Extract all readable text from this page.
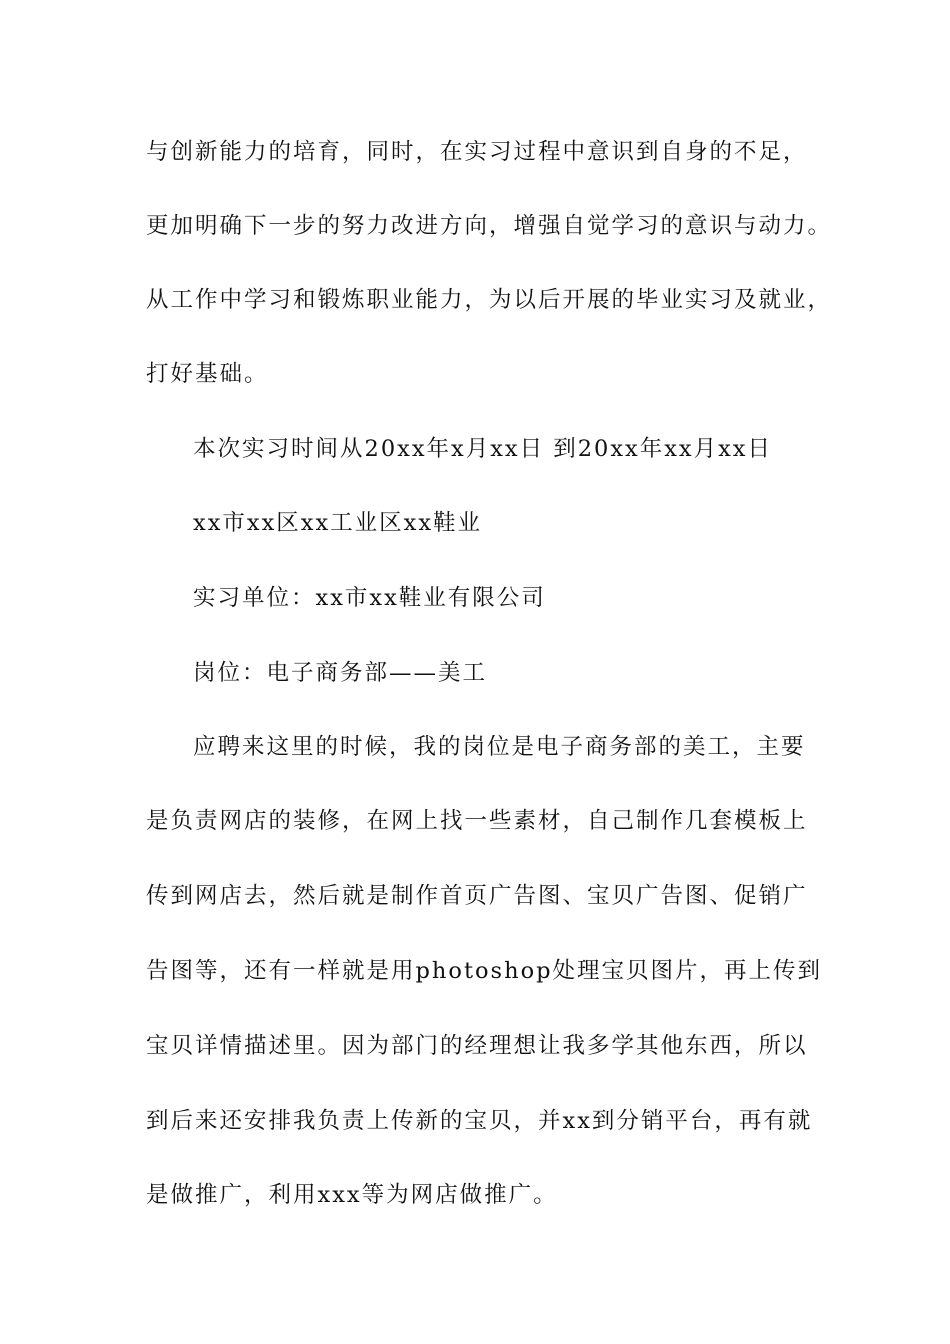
与创新能力的培育，同时，在实习过程中意识到自身的不足，
更加明确下一步的努力改进方向，增强自觉学习的意识与动力。
从工作中学习和锻炼职业能力，为以后开展的毕业实习及就业，
打好基础。
本次实习时间从20xx年x月xx日 到20xx年xx月xx日
xx市xx区xx工业区xx鞋业
实习单位：xx市xx鞋业有限公司
岗位：电子商务部——美工
应聘来这里的时候，我的岗位是电子商务部的美工，主要
是负责网店的装修，在网上找一些素材，自己制作几套模板上
传到网店去，然后就是制作首页广告图、宝贝广告图、促销广
告图等，还有一样就是用photoshop处理宝贝图片，再上传到
宝贝详情描述里。因为部门的经理想让我多学其他东西，所以
到后来还安排我负责上传新的宝贝，并xx到分销平台，再有就
是做推广，利用xxx等为网店做推广。
